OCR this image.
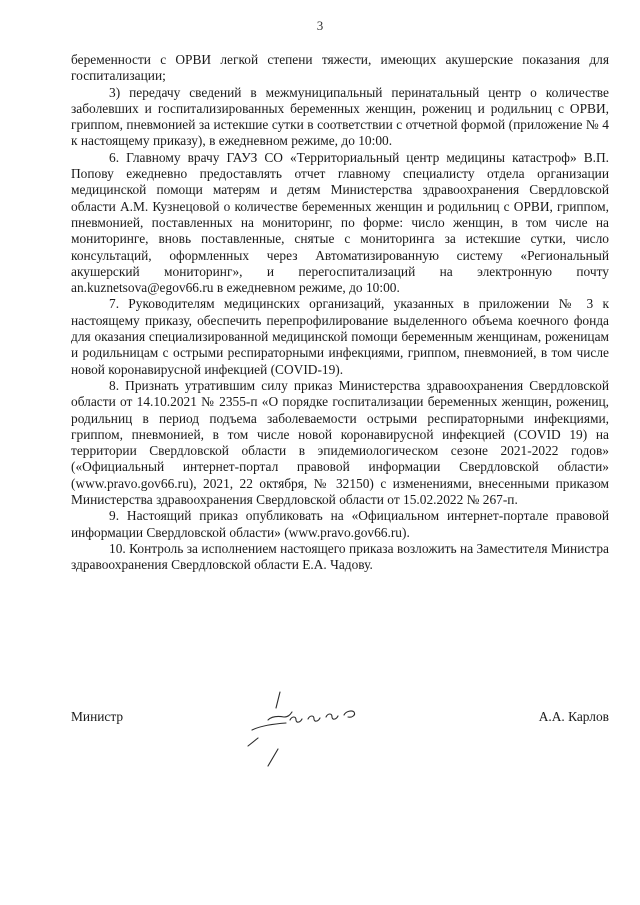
3

беременности с ОРВИ легкой степени тяжести, имеющих акушерские показания для госпитализации;

3) передачу сведений в межмуниципальный перинатальный центр о количестве заболевших и госпитализированных беременных женщин, рожениц и родильниц с ОРВИ, гриппом, пневмонией за истекшие сутки в соответствии с отчетной формой (приложение № 4 к настоящему приказу), в ежедневном режиме, до 10:00.

6. Главному врачу ГАУЗ СО «Территориальный центр медицины катастроф» В.П. Попову ежедневно предоставлять отчет главному специалисту отдела организации медицинской помощи матерям и детям Министерства здравоохранения Свердловской области А.М. Кузнецовой о количестве беременных женщин и родильниц с ОРВИ, гриппом, пневмонией, поставленных на мониторинг, по форме: число женщин, в том числе на мониторинге, вновь поставленные, снятые с мониторинга за истекшие сутки, число консультаций, оформленных через Автоматизированную систему «Региональный акушерский мониторинг», и перегоспитализаций на электронную почту an.kuznetsova@egov66.ru в ежедневном режиме, до 10:00.

7. Руководителям медицинских организаций, указанных в приложении № 3 к настоящему приказу, обеспечить перепрофилирование выделенного объема коечного фонда для оказания специализированной медицинской помощи беременным женщинам, роженицам и родильницам с острыми респираторными инфекциями, гриппом, пневмонией, в том числе новой коронавирусной инфекцией (COVID-19).

8. Признать утратившим силу приказ Министерства здравоохранения Свердловской области от 14.10.2021 № 2355-п «О порядке госпитализации беременных женщин, рожениц, родильниц в период подъема заболеваемости острыми респираторными инфекциями, гриппом, пневмонией, в том числе новой коронавирусной инфекцией (COVID 19) на территории Свердловской области в эпидемиологическом сезоне 2021-2022 годов» («Официальный интернет-портал правовой информации Свердловской области» (www.pravo.gov66.ru), 2021, 22 октября, № 32150) с изменениями, внесенными приказом Министерства здравоохранения Свердловской области от 15.02.2022 № 267-п.

9. Настоящий приказ опубликовать на «Официальном интернет-портале правовой информации Свердловской области» (www.pravo.gov66.ru).

10. Контроль за исполнением настоящего приказа возложить на Заместителя Министра здравоохранения Свердловской области Е.А. Чадову.

Министр	А.А. Карлов
